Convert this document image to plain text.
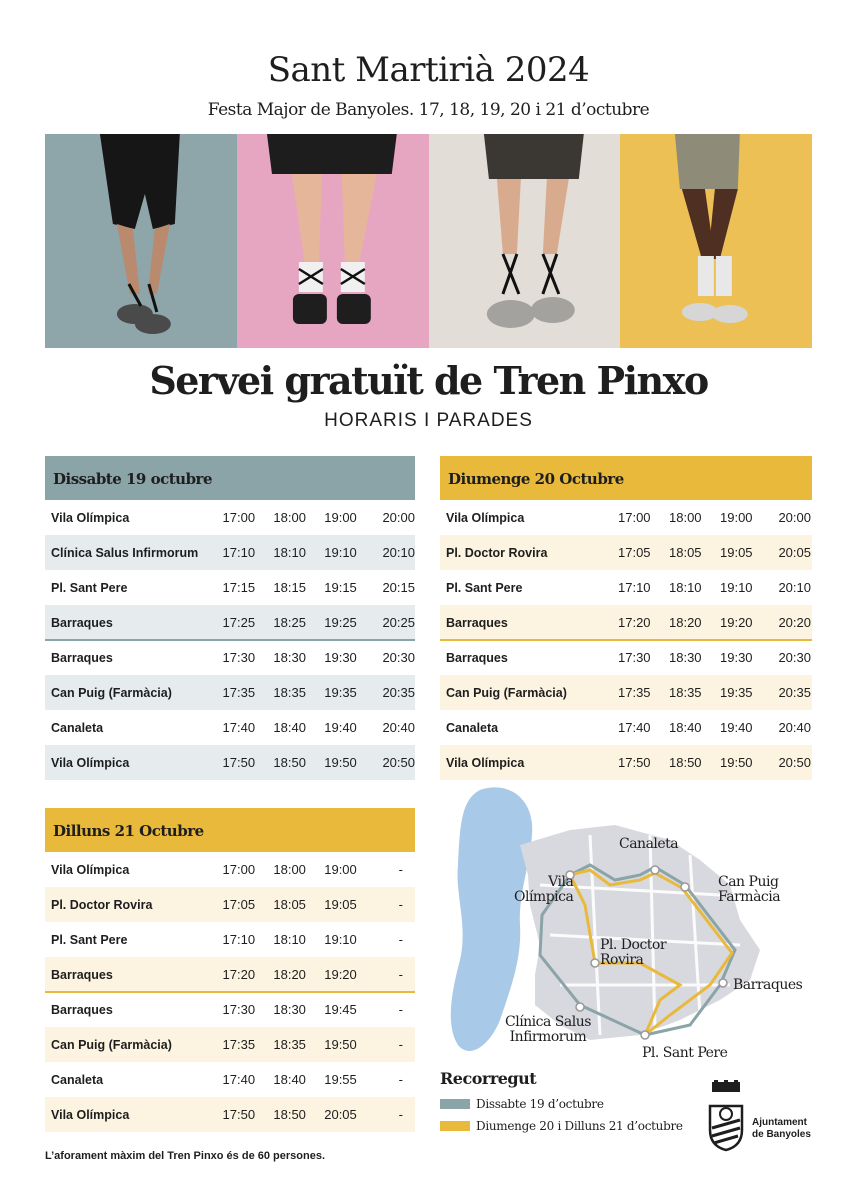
Sant Martirià 2024
Festa Major de Banyoles. 17, 18, 19, 20 i 21 d’octubre
Servei gratuït de Tren Pinxo
HORARIS I PARADES
Dissabte 19 octubre
Vila Olímpica	17:00	18:00	19:00	20:00
Clínica Salus Infirmorum	17:10	18:10	19:10	20:10
Pl. Sant Pere	17:15	18:15	19:15	20:15
Barraques	17:25	18:25	19:25	20:25
Barraques	17:30	18:30	19:30	20:30
Can Puig (Farmàcia)	17:35	18:35	19:35	20:35
Canaleta	17:40	18:40	19:40	20:40
Vila Olímpica	17:50	18:50	19:50	20:50
Diumenge 20 Octubre
Vila Olímpica	17:00	18:00	19:00	20:00
Pl. Doctor Rovira	17:05	18:05	19:05	20:05
Pl. Sant Pere	17:10	18:10	19:10	20:10
Barraques	17:20	18:20	19:20	20:20
Barraques	17:30	18:30	19:30	20:30
Can Puig (Farmàcia)	17:35	18:35	19:35	20:35
Canaleta	17:40	18:40	19:40	20:40
Vila Olímpica	17:50	18:50	19:50	20:50
Dilluns 21 Octubre
Vila Olímpica	17:00	18:00	19:00	-
Pl. Doctor Rovira	17:05	18:05	19:05	-
Pl. Sant Pere	17:10	18:10	19:10	-
Barraques	17:20	18:20	19:20	-
Barraques	17:30	18:30	19:45	-
Can Puig (Farmàcia)	17:35	18:35	19:50	-
Canaleta	17:40	18:40	19:55	-
Vila Olímpica	17:50	18:50	20:05	-
L’aforament màxim del Tren Pinxo és de 60 persones.
Canaleta
Vila
Olímpica
Can Puig
Farmàcia
Pl. Doctor
Rovira
Barraques
Clínica Salus
Infirmorum
Pl. Sant Pere
Recorregut
Dissabte 19 d’octubre
Diumenge 20 i Dilluns 21 d’octubre	Ajuntament
de Banyoles
